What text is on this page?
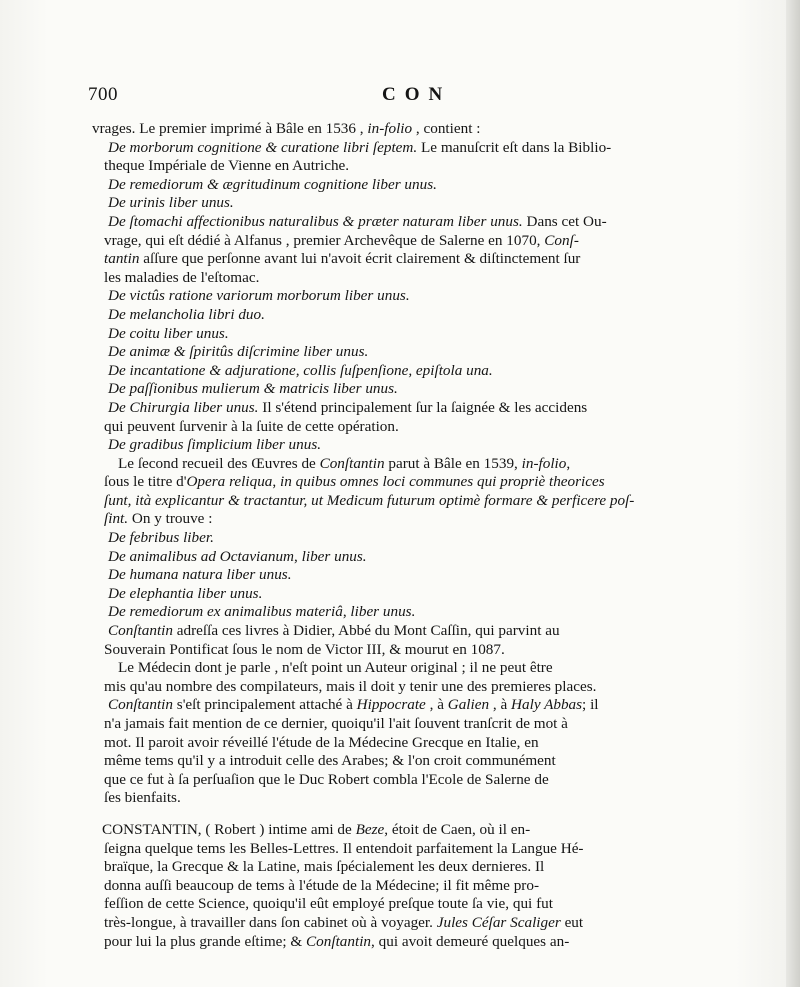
700	CON
vrages. Le premier imprimé à Bâle en 1536 , in-folio , contient :
De morborum cognitione & curatione libri ſeptem. Le manuſcrit eſt dans la Biblio-
theque Impériale de Vienne en Autriche.
De remediorum & ægritudinum cognitione liber unus.
De urinis liber unus.
De ſtomachi affectionibus naturalibus & præter naturam liber unus. Dans cet Ou-
vrage, qui eſt dédié à Alfanus , premier Archevêque de Salerne en 1070, Conſ-
tantin aſſure que perſonne avant lui n'avoit écrit clairement & diſtinctement ſur
les maladies de l'eſtomac.
De victûs ratione variorum morborum liber unus.
De melancholia libri duo.
De coitu liber unus.
De animæ & ſpiritûs diſcrimine liber unus.
De incantatione & adjuratione, collis ſuſpenſione, epiſtola una.
De paſſionibus mulierum & matricis liber unus.
De Chirurgia liber unus. Il s'étend principalement ſur la ſaignée & les accidens
qui peuvent ſurvenir à la ſuite de cette opération.
De gradibus ſimplicium liber unus.
Le ſecond recueil des Œuvres de Conſtantin parut à Bâle en 1539, in-folio,
ſous le titre d'Opera reliqua, in quibus omnes loci communes qui propriè theorices
ſunt, ità explicantur & tractantur, ut Medicum futurum optimè formare & perficere poſ-
ſint. On y trouve :
De febribus liber.
De animalibus ad Octavianum, liber unus.
De humana natura liber unus.
De elephantia liber unus.
De remediorum ex animalibus materiâ, liber unus.
Conſtantin adreſſa ces livres à Didier, Abbé du Mont Caſſin, qui parvint au
Souverain Pontificat ſous le nom de Victor III, & mourut en 1087.
Le Médecin dont je parle , n'eſt point un Auteur original ; il ne peut être
mis qu'au nombre des compilateurs, mais il doit y tenir une des premieres places.
Conſtantin s'eſt principalement attaché à Hippocrate , à Galien , à Haly Abbas; il
n'a jamais fait mention de ce dernier, quoiqu'il l'ait ſouvent tranſcrit de mot à
mot. Il paroit avoir réveillé l'étude de la Médecine Grecque en Italie, en
même tems qu'il y a introduit celle des Arabes; & l'on croit communément
que ce fut à ſa perſuaſion que le Duc Robert combla l'Ecole de Salerne de
ſes bienfaits.
CONSTANTIN, ( Robert ) intime ami de Beze, étoit de Caen, où il en-
ſeigna quelque tems les Belles-Lettres. Il entendoit parfaitement la Langue Hé-
braïque, la Grecque & la Latine, mais ſpécialement les deux dernieres. Il
donna auſſi beaucoup de tems à l'étude de la Médecine; il fit même pro-
feſſion de cette Science, quoiqu'il eût employé preſque toute ſa vie, qui fut
très-longue, à travailler dans ſon cabinet où à voyager. Jules Céſar Scaliger eut
pour lui la plus grande eſtime; & Conſtantin, qui avoit demeuré quelques an-
